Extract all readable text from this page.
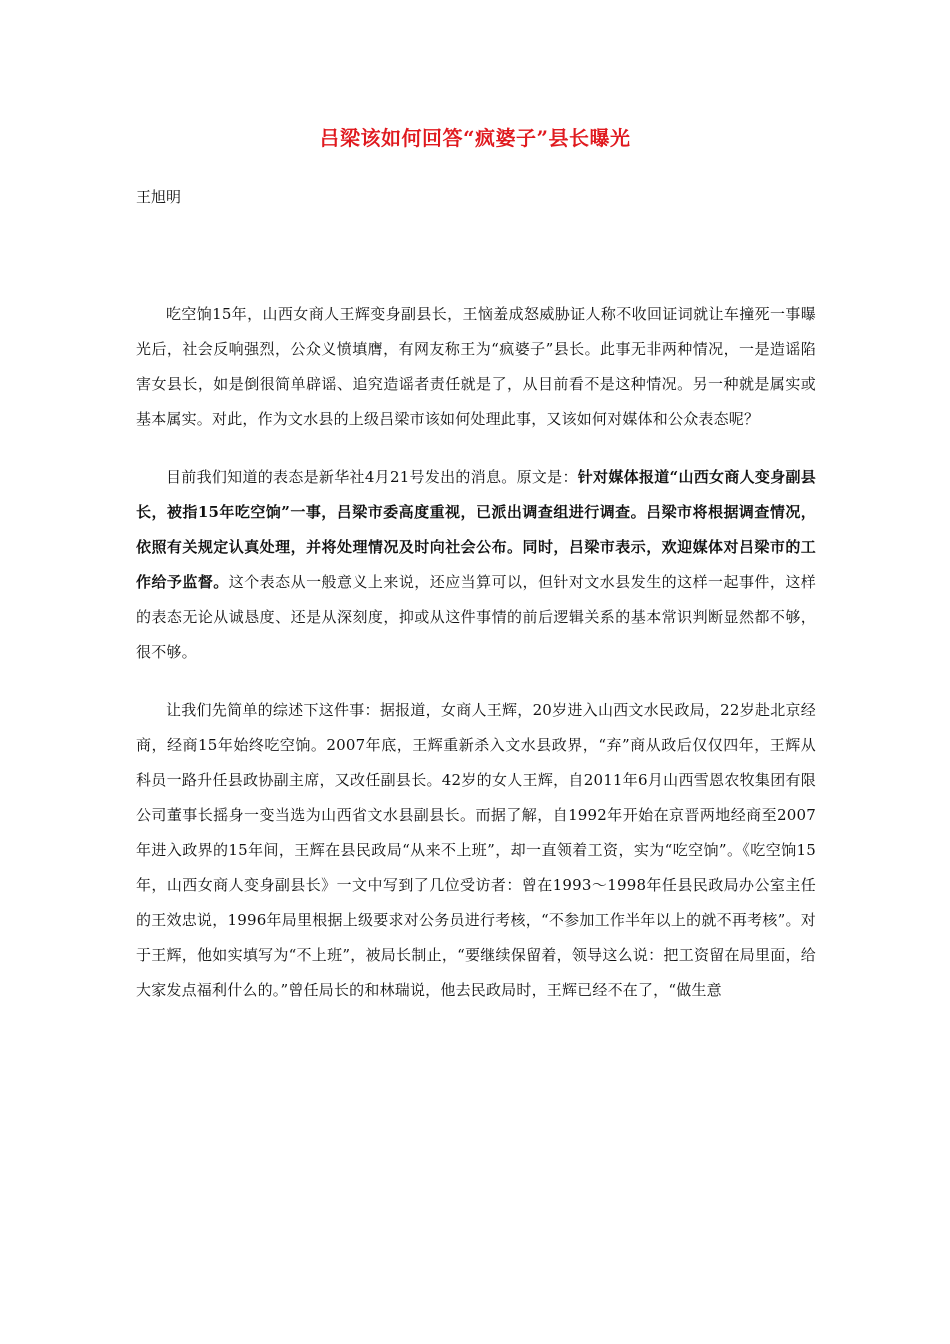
吕梁该如何回答“疯婆子”县长曝光
王旭明

吃空饷15年，山西女商人王辉变身副县长，王恼羞成怒威胁证人称不收回证词就让车撞死一事曝光后，社会反响强烈，公众义愤填膺，有网友称王为“疯婆子”县长。此事无非两种情况，一是造谣陷害女县长，如是倒很简单辟谣、追究造谣者责任就是了，从目前看不是这种情况。另一种就是属实或基本属实。对此，作为文水县的上级吕梁市该如何处理此事，又该如何对媒体和公众表态呢？

目前我们知道的表态是新华社4月21号发出的消息。原文是：针对媒体报道“山西女商人变身副县长，被指15年吃空饷”一事，吕梁市委高度重视，已派出调查组进行调查。吕梁市将根据调查情况，依照有关规定认真处理，并将处理情况及时向社会公布。同时，吕梁市表示，欢迎媒体对吕梁市的工作给予监督。这个表态从一般意义上来说，还应当算可以，但针对文水县发生的这样一起事件，这样的表态无论从诚恳度、还是从深刻度，抑或从这件事情的前后逻辑关系的基本常识判断显然都不够，很不够。

让我们先简单的综述下这件事：据报道，女商人王辉，20岁进入山西文水民政局，22岁赴北京经商，经商15年始终吃空饷。2007年底，王辉重新杀入文水县政界，“弃”商从政后仅仅四年，王辉从科员一路升任县政协副主席，又改任副县长。42岁的女人王辉，自2011年6月山西雪恩农牧集团有限公司董事长摇身一变当选为山西省文水县副县长。而据了解，自1992年开始在京晋两地经商至2007年进入政界的15年间，王辉在县民政局“从来不上班”，却一直领着工资，实为“吃空饷”。《吃空饷15年，山西女商人变身副县长》一文中写到了几位受访者：曾在1993～1998年任县民政局办公室主任的王效忠说，1996年局里根据上级要求对公务员进行考核，“不参加工作半年以上的就不再考核”。对于王辉，他如实填写为“不上班”，被局长制止，“要继续保留着，领导这么说：把工资留在局里面，给大家发点福利什么的。”曾任局长的和林瑞说，他去民政局时，王辉已经不在了，“做生意
